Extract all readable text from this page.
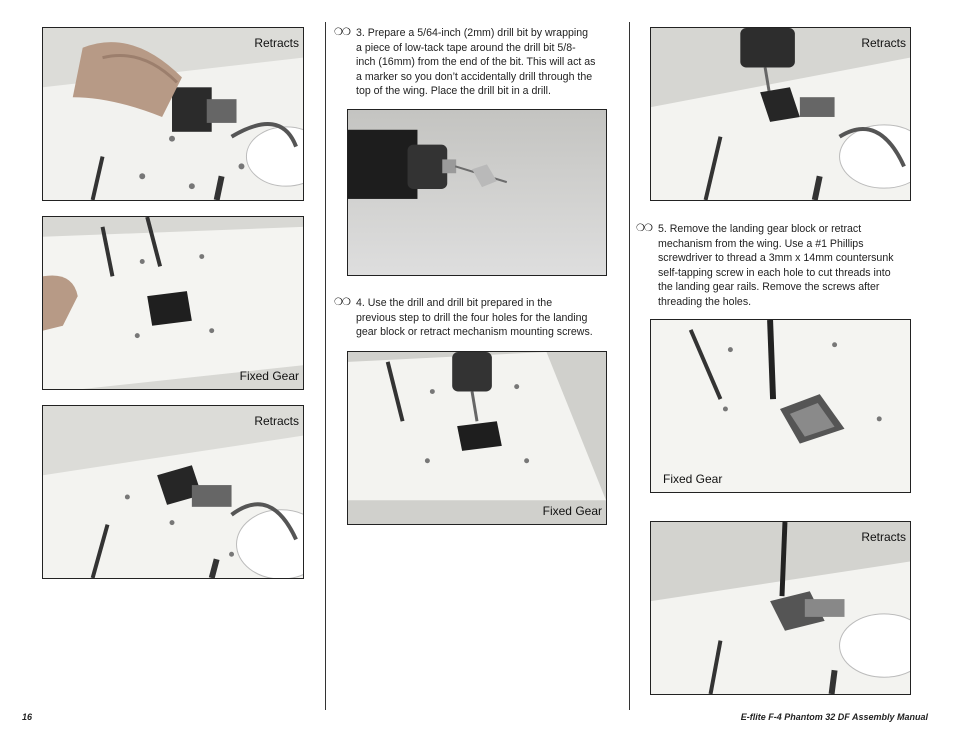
Retracts
Fixed Gear
Retracts
❍❍ 3. Prepare a 5/64-inch (2mm) drill bit by wrapping
a piece of low-tack tape around the drill bit 5/8-
inch (16mm) from the end of the bit. This will act as
a marker so you don’t accidentally drill through the
top of the wing. Place the drill bit in a drill.
❍❍ 4. Use the drill and drill bit prepared in the
previous step to drill the four holes for the landing
gear block or retract mechanism mounting screws.
Fixed Gear
Retracts
❍❍ 5. Remove the landing gear block or retract
mechanism from the wing. Use a #1 Phillips
screwdriver to thread a 3mm x 14mm countersunk
self-tapping screw in each hole to cut threads into
the landing gear rails. Remove the screws after
threading the holes.
Fixed Gear
Retracts
16	E-flite F-4 Phantom 32 DF Assembly Manual
